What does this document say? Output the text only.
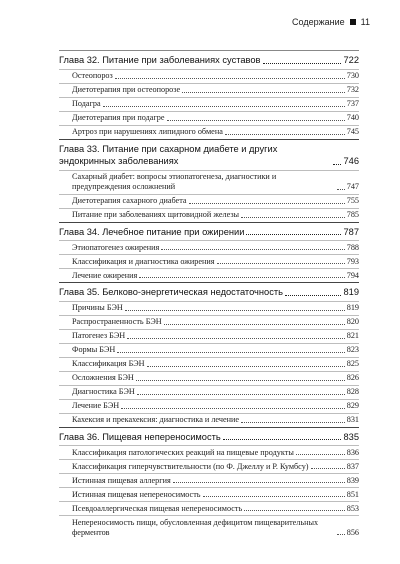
Содержание 11
Глава 32. Питание при заболеваниях суставов	722
Остеопороз	730
Диетотерапия при остеопорозе	732
Подагра	737
Диетотерапия при подагре	740
Артроз при нарушениях липидного обмена	745
Глава 33. Питание при сахарном диабете и других эндокринных заболеваниях	746
Сахарный диабет: вопросы этиопатогенеза, диагностики и предупреждения осложнений	747
Диетотерапия сахарного диабета	755
Питание при заболеваниях щитовидной железы	785
Глава 34. Лечебное питание при ожирении	787
Этиопатогенез ожирения	788
Классификация и диагностика ожирения	793
Лечение ожирения	794
Глава 35. Белково-энергетическая недостаточность	819
Причины БЭН	819
Распространенность БЭН	820
Патогенез БЭН	821
Формы БЭН	823
Классификация БЭН	825
Осложнения БЭН	826
Диагностика БЭН	828
Лечение БЭН	829
Кахексия и прекахексия: диагностика и лечение	831
Глава 36. Пищевая непереносимость	835
Классификация патологических реакций на пищевые продукты	836
Классификация гиперчувствительности (по Ф. Джеллу и Р. Кумбсу)	837
Истинная пищевая аллергия	839
Истинная пищевая непереносимость	851
Псевдоаллергическая пищевая непереносимость	853
Непереносимость пищи, обусловленная дефицитом пищеварительных ферментов	856
